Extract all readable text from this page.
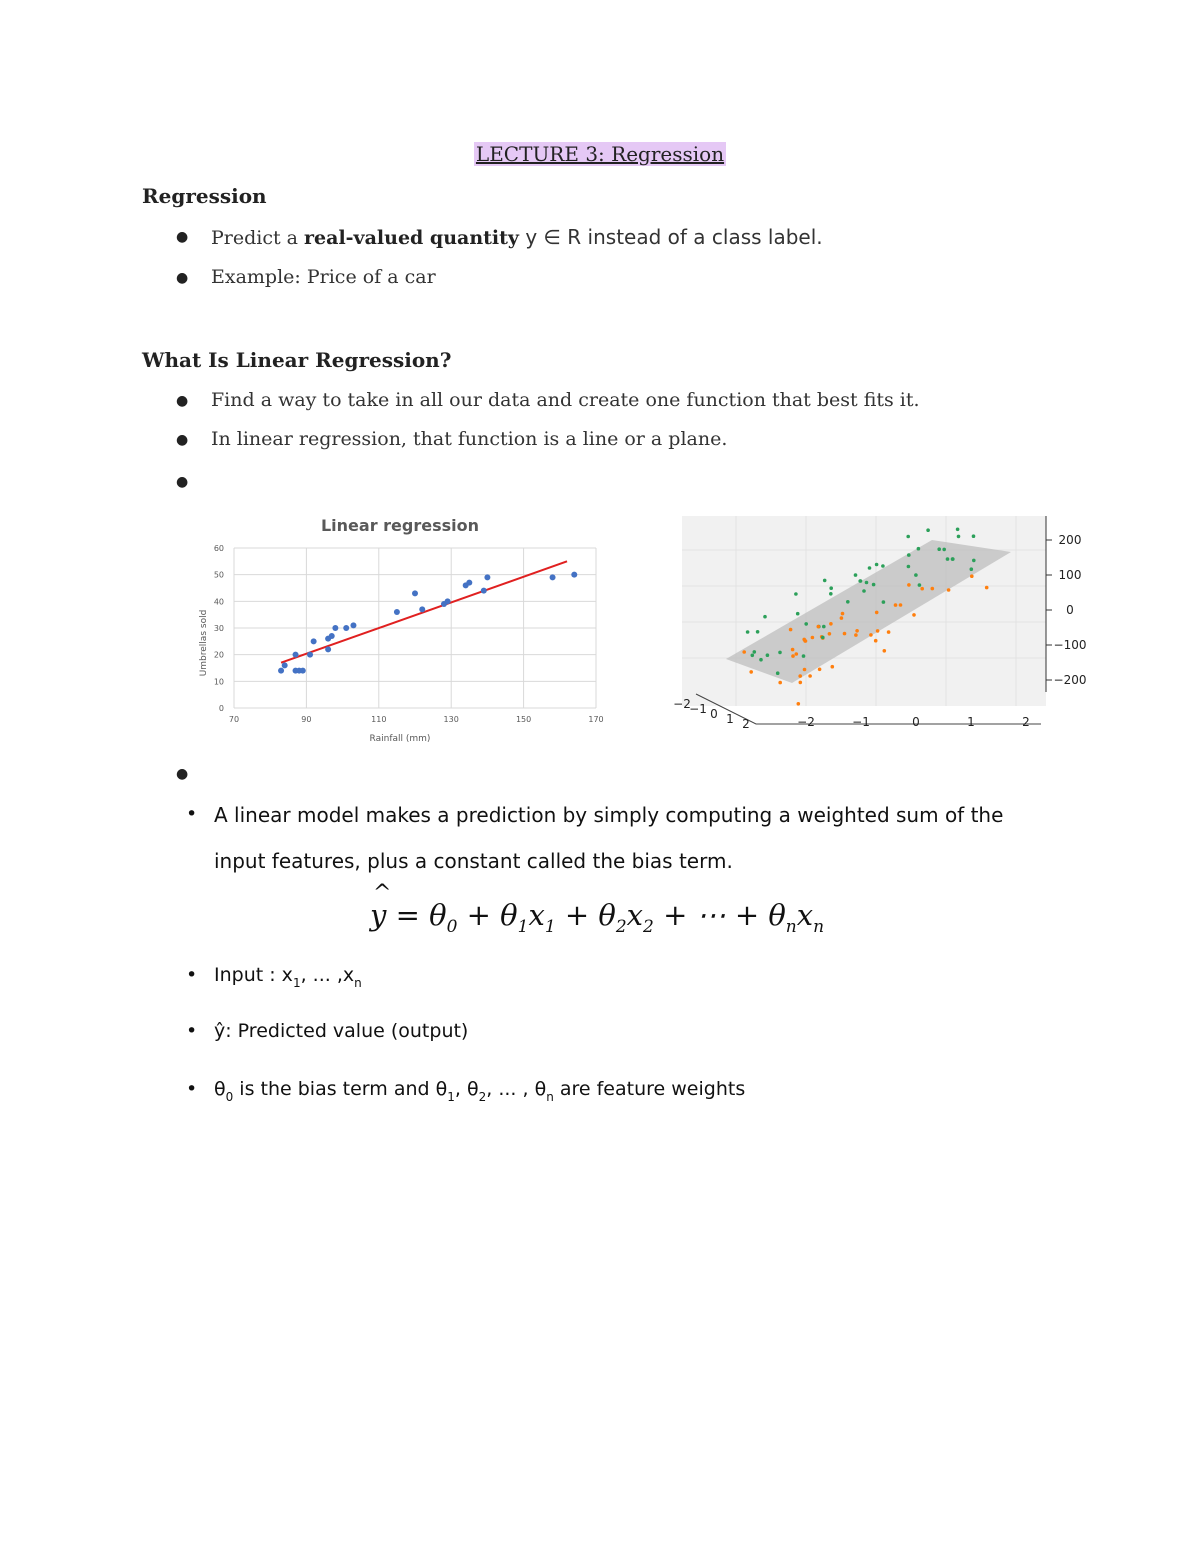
LECTURE 3: Regression
Regression
● Predict a real-valued quantity y ∈ R instead of a class label.
● Example: Price of a car
What Is Linear Regression?
● Find a way to take in all our data and create one function that best fits it.
● In linear regression, that function is a line or a plane.
●
Linear regression
0
10
20
30
40
50
60
70	90	110	130	150	170
Rainfall (mm)
Umbrellas sold
200
100
0
−100
−200
−2	−1	0	1	2
−2
−1 0 1 2
●
• A linear model makes a prediction by simply computing a weighted sum of the
input features, plus a constant called the bias term.
^ $y = \theta_0 + \theta_1x_1 + \theta_2x_2$ + ⋯ + $\theta_nx_n$
• Input : $x_1$, ... $,x_n$
• ŷ: Predicted value (output)
• $\theta_0$ is the bias term and $\theta_1$, $\theta_2$, ... , $\theta_n$ are feature weights
